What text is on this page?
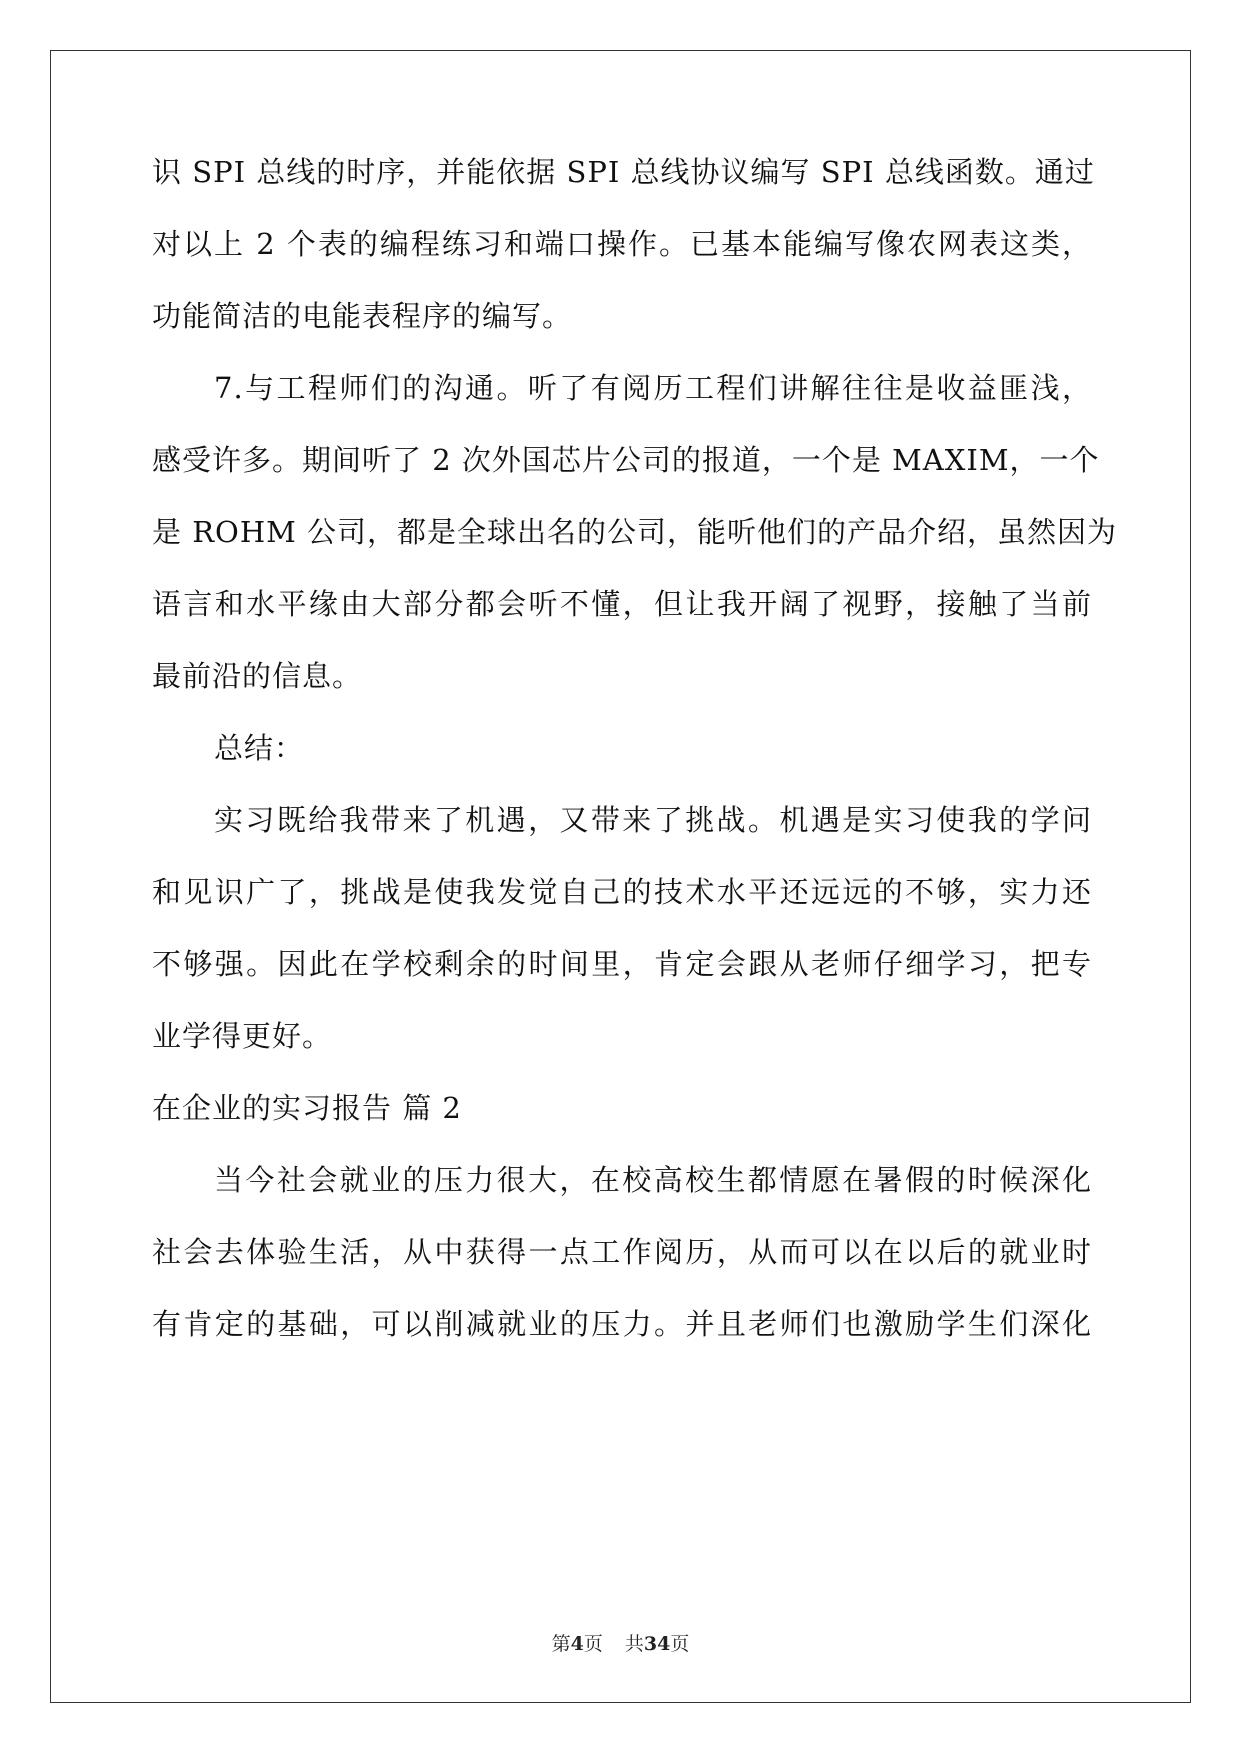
识 SPI 总线的时序，并能依据 SPI 总线协议编写 SPI 总线函数。通过
对以上 2 个表的编程练习和端口操作。已基本能编写像农网表这类，
功能简洁的电能表程序的编写。
7.与工程师们的沟通。听了有阅历工程们讲解往往是收益匪浅，
感受许多。期间听了 2 次外国芯片公司的报道，一个是 MAXIM，一个
是 ROHM 公司，都是全球出名的公司，能听他们的产品介绍，虽然因为
语言和水平缘由大部分都会听不懂，但让我开阔了视野，接触了当前
最前沿的信息。
总结：
实习既给我带来了机遇，又带来了挑战。机遇是实习使我的学问
和见识广了，挑战是使我发觉自己的技术水平还远远的不够，实力还
不够强。因此在学校剩余的时间里，肯定会跟从老师仔细学习，把专
业学得更好。
在企业的实习报告 篇 2
当今社会就业的压力很大，在校高校生都情愿在暑假的时候深化
社会去体验生活，从中获得一点工作阅历，从而可以在以后的就业时
有肯定的基础，可以削减就业的压力。并且老师们也激励学生们深化
第4页 共34页
